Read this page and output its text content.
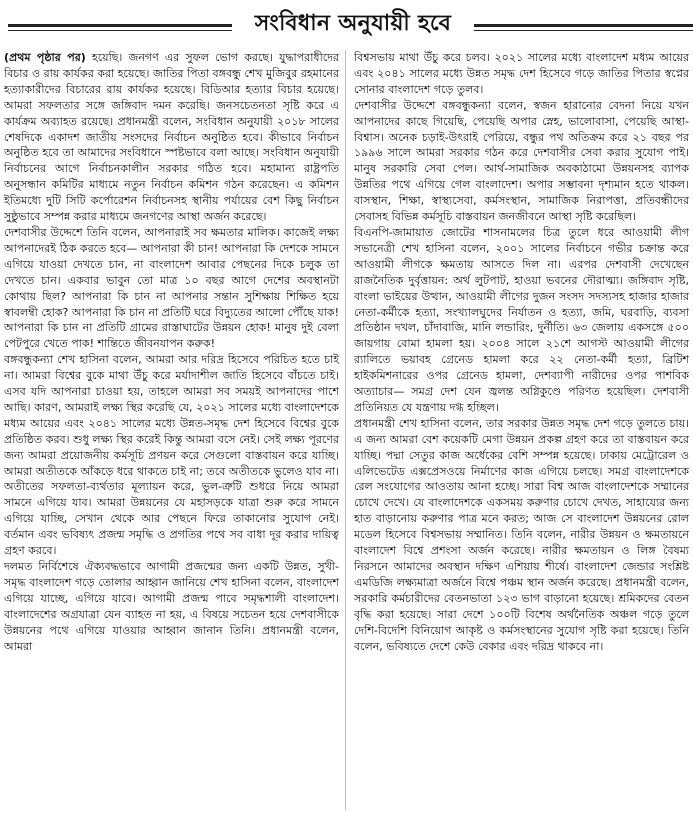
সংবিধান অনুযায়ী হবে

(প্রথম পৃষ্ঠার পর) হয়েছি। জনগণ এর সুফল ভোগ করছে। যুদ্ধাপরাধীদের বিচার ও রায় কার্যকর করা হয়েছে। জাতির পিতা বঙ্গবন্ধু শেখ মুজিবুর রহমানের হত্যাকারীদের বিচারের রায় কার্যকর হয়েছে। বিডিআর হত্যার বিচার হয়েছে। আমরা সফলতার সঙ্গে জঙ্গিবাদ দমন করেছি। জনসচেতনতা সৃষ্টি করে এ কার্যক্রম অব্যাহত রয়েছে। প্রধানমন্ত্রী বলেন, সংবিধান অনুযায়ী ২০১৮ সালের শেষদিকে একাদশ জাতীয় সংসদের নির্বাচন অনুষ্ঠিত হবে। কীভাবে নির্বাচন অনুষ্ঠিত হবে তা আমাদের সংবিধানে স্পষ্টভাবে বলা আছে। সংবিধান অনুযায়ী নির্বাচনের আগে নির্বাচনকালীন সরকার গঠিত হবে। মহামান্য রাষ্ট্রপতি অনুসন্ধান কমিটির মাধ্যমে নতুন নির্বাচন কমিশন গঠন করেছেন। এ কমিশন ইতিমধ্যে দুটি সিটি কর্পোরেশন নির্বাচনসহ স্থানীয় পর্যায়ের বেশ কিছু নির্বাচন সুষ্ঠুভাবে সম্পন্ন করার মাধ্যমে জনগণের আস্থা অর্জন করেছে।

দেশবাসীর উদ্দেশে তিনি বলেন, আপনারাই সব ক্ষমতার মালিক। কাজেই লক্ষ্য আপনাদেরই ঠিক করতে হবে— আপনারা কী চান! আপনারা কি দেশকে সামনে এগিয়ে যাওয়া দেখতে চান, না বাংলাদেশ আবার পেছনের দিকে চলুক তা দেখতে চান। একবার ভাবুন তো মাত্র ১০ বছর আগে দেশের অবস্থানটা কোথায় ছিল? আপনারা কি চান না আপনার সন্তান সুশিক্ষায় শিক্ষিত হয়ে স্বাবলম্বী হোক? আপনারা কি চান না প্রতিটি ঘরে বিদ্যুতের আলো পৌঁছে যাক! আপনারা কি চান না প্রতিটি গ্রামের রাস্তাঘাটের উন্নয়ন হোক! মানুষ দুই বেলা পেটপুরে খেতে পাক! শান্তিতে জীবনযাপন করুক!

বঙ্গবন্ধুকন্যা শেখ হাসিনা বলেন, আমরা আর দরিদ্র হিসেবে পরিচিত হতে চাই না। আমরা বিশ্বের বুকে মাথা উঁচু করে মর্যাদাশীল জাতি হিসেবে বাঁচতে চাই। এসব যদি আপনারা চাওয়া হয়, তাহলে আমরা সব সময়ই আপনাদের পাশে আছি। কারণ, আমরাই লক্ষ্য স্থির করেছি যে, ২০২১ সালের মধ্যে বাংলাদেশকে মধ্যম আয়ের এবং ২০৪১ সালের মধ্যে উন্নত-সমৃদ্ধ দেশ হিসেবে বিশ্বের বুকে প্রতিষ্ঠিত করব। শুধু লক্ষ্য স্থির করেই কিন্তু আমরা বসে নেই। সেই লক্ষ্য পূরণের জন্য আমরা প্রয়োজনীয় কর্মসূচি প্রণয়ন করে সেগুলো বাস্তবায়ন করে যাচ্ছি। আমরা অতীতকে আঁকড়ে ধরে থাকতে চাই না; তবে অতীতকে ভুলেও যাব না। অতীতের সফলতা-ব্যর্থতার মূল্যায়ন করে, ভুল-ত্রুটি শুধরে নিয়ে আমরা সামনে এগিয়ে যাব। আমরা উন্নয়নের যে মহাসড়কে যাত্রা শুরু করে সামনে এগিয়ে যাচ্ছি, সেখান থেকে আর পেছনে ফিরে তাকানোর সুযোগ নেই। বর্তমান এবং ভবিষ্যৎ প্রজন্ম সমৃদ্ধি ও প্রগতির পথে সব বাধা দূর করার দায়িত্ব গ্রহণ করবে।

দলমত নির্বিশেষে ঐক্যবদ্ধভাবে আগামী প্রজন্মের জন্য একটি উন্নত, সুখী-সমৃদ্ধ বাংলাদেশ গড়ে তোলার আহ্বান জানিয়ে শেখ হাসিনা বলেন, বাংলাদেশ এগিয়ে যাচ্ছে, এগিয়ে যাবে। আগামী প্রজন্ম পাবে সমৃদ্ধশালী বাংলাদেশ। বাংলাদেশের অগ্রযাত্রা যেন ব্যাহত না হয়, এ বিষয়ে সচেতন হয়ে দেশবাসীকে উন্নয়নের পথে এগিয়ে যাওয়ার আহ্বান জানান তিনি। প্রধানমন্ত্রী বলেন, আমরা

বিশ্বসভায় মাথা উঁচু করে চলব। ২০২১ সালের মধ্যে বাংলাদেশ মধ্যম আয়ের এবং ২০৪১ সালের মধ্যে উন্নত সমৃদ্ধ দেশ হিসেবে গড়ে জাতির পিতার স্বপ্নের সোনার বাংলাদেশ গড়ে তুলব।

দেশবাসীর উদ্দেশে বঙ্গবন্ধুকন্যা বলেন, স্বজন হারানোর বেদনা নিয়ে যখন আপনাদের কাছে গিয়েছি, পেয়েছি অপার স্নেহ, ভালোবাসা, পেয়েছি আস্থা-বিশ্বাস। অনেক চড়াই-উৎরাই পেরিয়ে, বন্ধুর পথ অতিক্রম করে ২১ বছর পর ১৯৯৬ সালে আমরা সরকার গঠন করে দেশবাসীর সেবা করার সুযোগ পাই। মানুষ সরকারি সেবা পেল। আর্থ-সামাজিক অবকাঠামো উন্নয়নসহ ব্যাপক উন্নতির পথে এগিয়ে গেল বাংলাদেশ। অপার সম্ভাবনা দৃশ্যমান হতে থাকল। বাসস্থান, শিক্ষা, স্বাস্থ্যসেবা, কর্মসংস্থান, সামাজিক নিরাপত্তা, প্রতিবন্ধীদের সেবাসহ বিভিন্ন কর্মসূচি বাস্তবায়ন জনজীবনে আস্থা সৃষ্টি করেছিল।

বিএনপি-জামায়াত জোটের শাসনামলের চিত্র তুলে ধরে আওয়ামী লীগ সভানেত্রী শেখ হাসিনা বলেন, ২০০১ সালের নির্বাচনে গভীর চক্রান্ত করে আওয়ামী লীগকে ক্ষমতায় আসতে দিল না। এরপর দেশবাসী দেখেছেন রাজনৈতিক দুর্বৃত্তায়ন: অর্থ লুটপাট, হাওয়া ভবনের দৌরাত্ম্য। জঙ্গিবাদ সৃষ্টি, বাংলা ভাইয়ের উত্থান, আওয়ামী লীগের দুজন সংসদ সদস্যসহ হাজার হাজার নেতা-কর্মীকে হত্যা, সংখ্যালঘুদের নির্যাতন ও হত্যা, জমি, ঘরবাড়ি, ব্যবসা প্রতিষ্ঠান দখল, চাঁদাবাজি, মানি লন্ডারিং, দুর্নীতি। ৬৩ জেলায় একসঙ্গে ৫০০ জায়গায় বোমা হামলা হয়। ২০০৪ সালে ২১শে আগস্ট আওয়ামী লীগের র‌্যালিতে ভয়াবহ গ্রেনেড হামলা করে ২২ নেতা-কর্মী হত্যা, ব্রিটিশ হাইকমিশনারের ওপর গ্রেনেড হামলা, দেশব্যাপী নারীদের ওপর পাশবিক অত্যাচার— সমগ্র দেশ যেন জ্বলন্ত অগ্নিকুণ্ডে পরিণত হয়েছিল। দেশবাসী প্রতিনিয়ত যে যন্ত্রণায় দগ্ধ হচ্ছিল।

প্রধানমন্ত্রী শেখ হাসিনা বলেন, তার সরকার উন্নত সমৃদ্ধ দেশ গড়ে তুলতে চায়। এ জন্য আমরা বেশ কয়েকটি মেগা উন্নয়ন প্রকল্প গ্রহণ করে তা বাস্তবায়ন করে যাচ্ছি। পদ্মা সেতুর কাজ অর্ধেকের বেশি সম্পন্ন হয়েছে। ঢাকায় মেট্রোরেল ও এলিভেটেড এক্সপ্রেসওয়ে নির্মাণের কাজ এগিয়ে চলছে। সমগ্র বাংলাদেশকে রেল সংযোগের আওতায় আনা হচ্ছে। সারা বিশ্ব আজ বাংলাদেশকে সম্মানের চোখে দেখে। যে বাংলাদেশকে একসময় করুণার চোখে দেখত, সাহায্যের জন্য হাত বাড়ানোয় করুণার পাত্র মনে করত; আজ সে বাংলাদেশ উন্নয়নের রোল মডেল হিসেবে বিশ্বসভায় সম্মানিত। তিনি বলেন, নারীর উন্নয়ন ও ক্ষমতায়নে বাংলাদেশ বিশ্বে প্রশংসা অর্জন করেছে। নারীর ক্ষমতায়ন ও লিঙ্গ বৈষম্য নিরসনে আমাদের অবস্থান দক্ষিণ এশিয়ায় শীর্ষে। বাংলাদেশ জেন্ডার সংশ্লিষ্ট এমডিজি লক্ষ্যমাত্রা অর্জনে বিশ্বে পঞ্চম স্থান অর্জন করেছে। প্রধানমন্ত্রী বলেন, সরকারি কর্মচারীদের বেতনভাতা ১২৩ ভাগ বাড়ানো হয়েছে। শ্রমিকদের বেতন বৃদ্ধি করা হয়েছে। সারা দেশে ১০০টি বিশেষ অর্থনৈতিক অঞ্চল গড়ে তুলে দেশি-বিদেশি বিনিয়োগ আকৃষ্ট ও কর্মসংস্থানের সুযোগ সৃষ্টি করা হয়েছে। তিনি বলেন, ভবিষ্যতে দেশে কেউ বেকার এবং দরিদ্র থাকবে না।
